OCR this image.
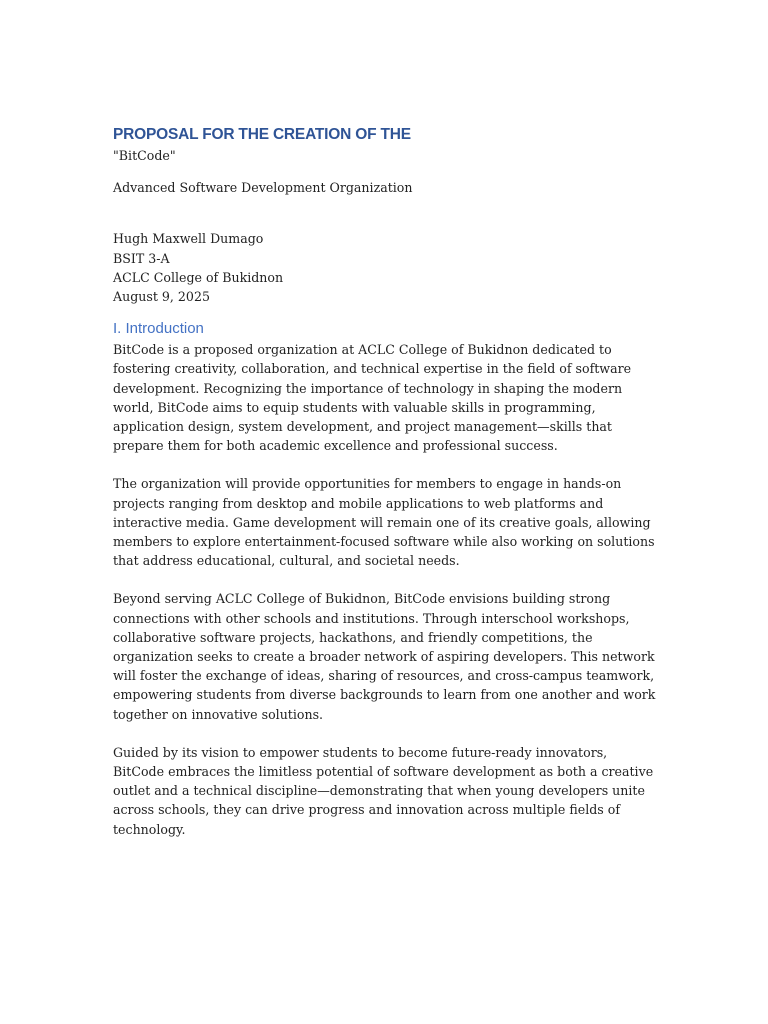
PROPOSAL FOR THE CREATION OF THE

"BitCode"

Advanced Software Development Organization

Hugh Maxwell Dumago
BSIT 3-A
ACLC College of Bukidnon
August 9, 2025
I. Introduction

BitCode is a proposed organization at ACLC College of Bukidnon dedicated to fostering creativity, collaboration, and technical expertise in the field of software development. Recognizing the importance of technology in shaping the modern world, BitCode aims to equip students with valuable skills in programming, application design, system development, and project management—skills that prepare them for both academic excellence and professional success.

The organization will provide opportunities for members to engage in hands-on projects ranging from desktop and mobile applications to web platforms and interactive media. Game development will remain one of its creative goals, allowing members to explore entertainment-focused software while also working on solutions that address educational, cultural, and societal needs.

Beyond serving ACLC College of Bukidnon, BitCode envisions building strong connections with other schools and institutions. Through interschool workshops, collaborative software projects, hackathons, and friendly competitions, the organization seeks to create a broader network of aspiring developers. This network will foster the exchange of ideas, sharing of resources, and cross-campus teamwork, empowering students from diverse backgrounds to learn from one another and work together on innovative solutions.

Guided by its vision to empower students to become future-ready innovators, BitCode embraces the limitless potential of software development as both a creative outlet and a technical discipline—demonstrating that when young developers unite across schools, they can drive progress and innovation across multiple fields of technology.
